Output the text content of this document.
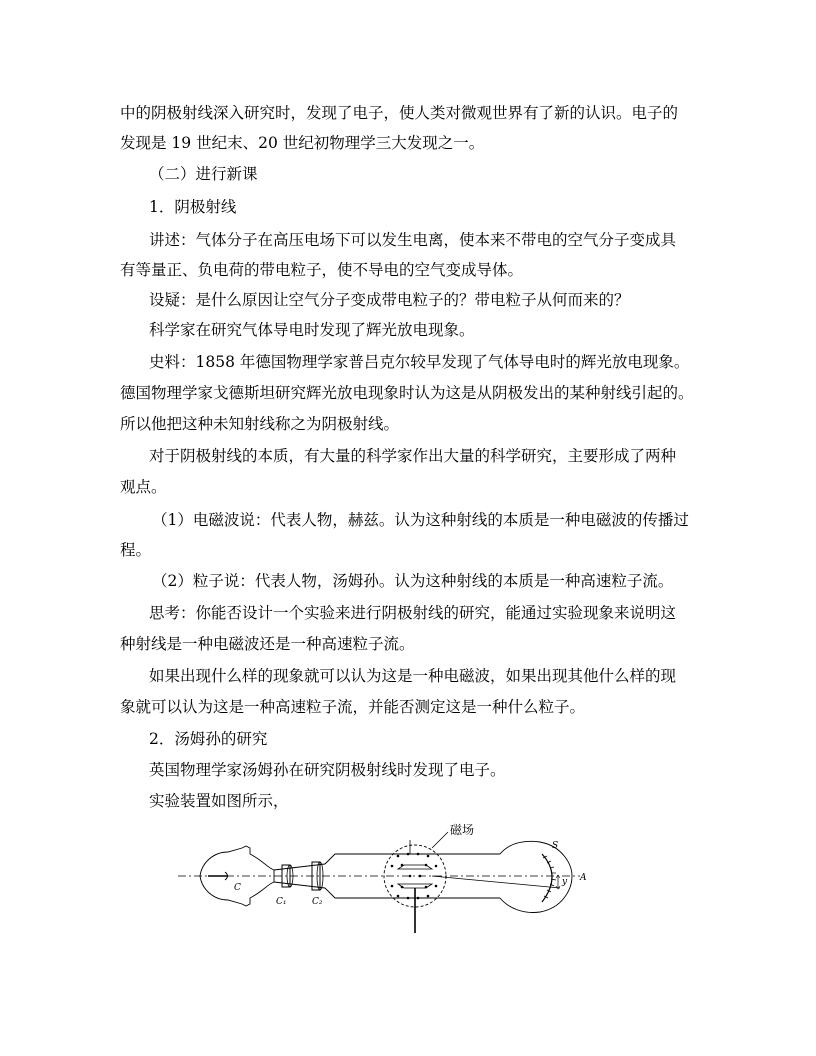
中的阴极射线深入研究时，发现了电子，使人类对微观世界有了新的认识。电子的
发现是 19 世纪末、20 世纪初物理学三大发现之一。
（二）进行新课
1．阴极射线
讲述：气体分子在高压电场下可以发生电离，使本来不带电的空气分子变成具
有等量正、负电荷的带电粒子，使不导电的空气变成导体。
设疑：是什么原因让空气分子变成带电粒子的？带电粒子从何而来的？
科学家在研究气体导电时发现了辉光放电现象。
史料：1858 年德国物理学家普吕克尔较早发现了气体导电时的辉光放电现象。
德国物理学家戈德斯坦研究辉光放电现象时认为这是从阴极发出的某种射线引起的。
所以他把这种未知射线称之为阴极射线。
对于阴极射线的本质，有大量的科学家作出大量的科学研究，主要形成了两种
观点。
（1）电磁波说：代表人物，赫兹。认为这种射线的本质是一种电磁波的传播过
程。
（2）粒子说：代表人物，汤姆孙。认为这种射线的本质是一种高速粒子流。
思考：你能否设计一个实验来进行阴极射线的研究，能通过实验现象来说明这
种射线是一种电磁波还是一种高速粒子流。
如果出现什么样的现象就可以认为这是一种电磁波，如果出现其他什么样的现
象就可以认为这是一种高速粒子流，并能否测定这是一种什么粒子。
2．汤姆孙的研究
英国物理学家汤姆孙在研究阴极射线时发现了电子。
实验装置如图所示，
磁场
C
C₁	C₂
S
y A
